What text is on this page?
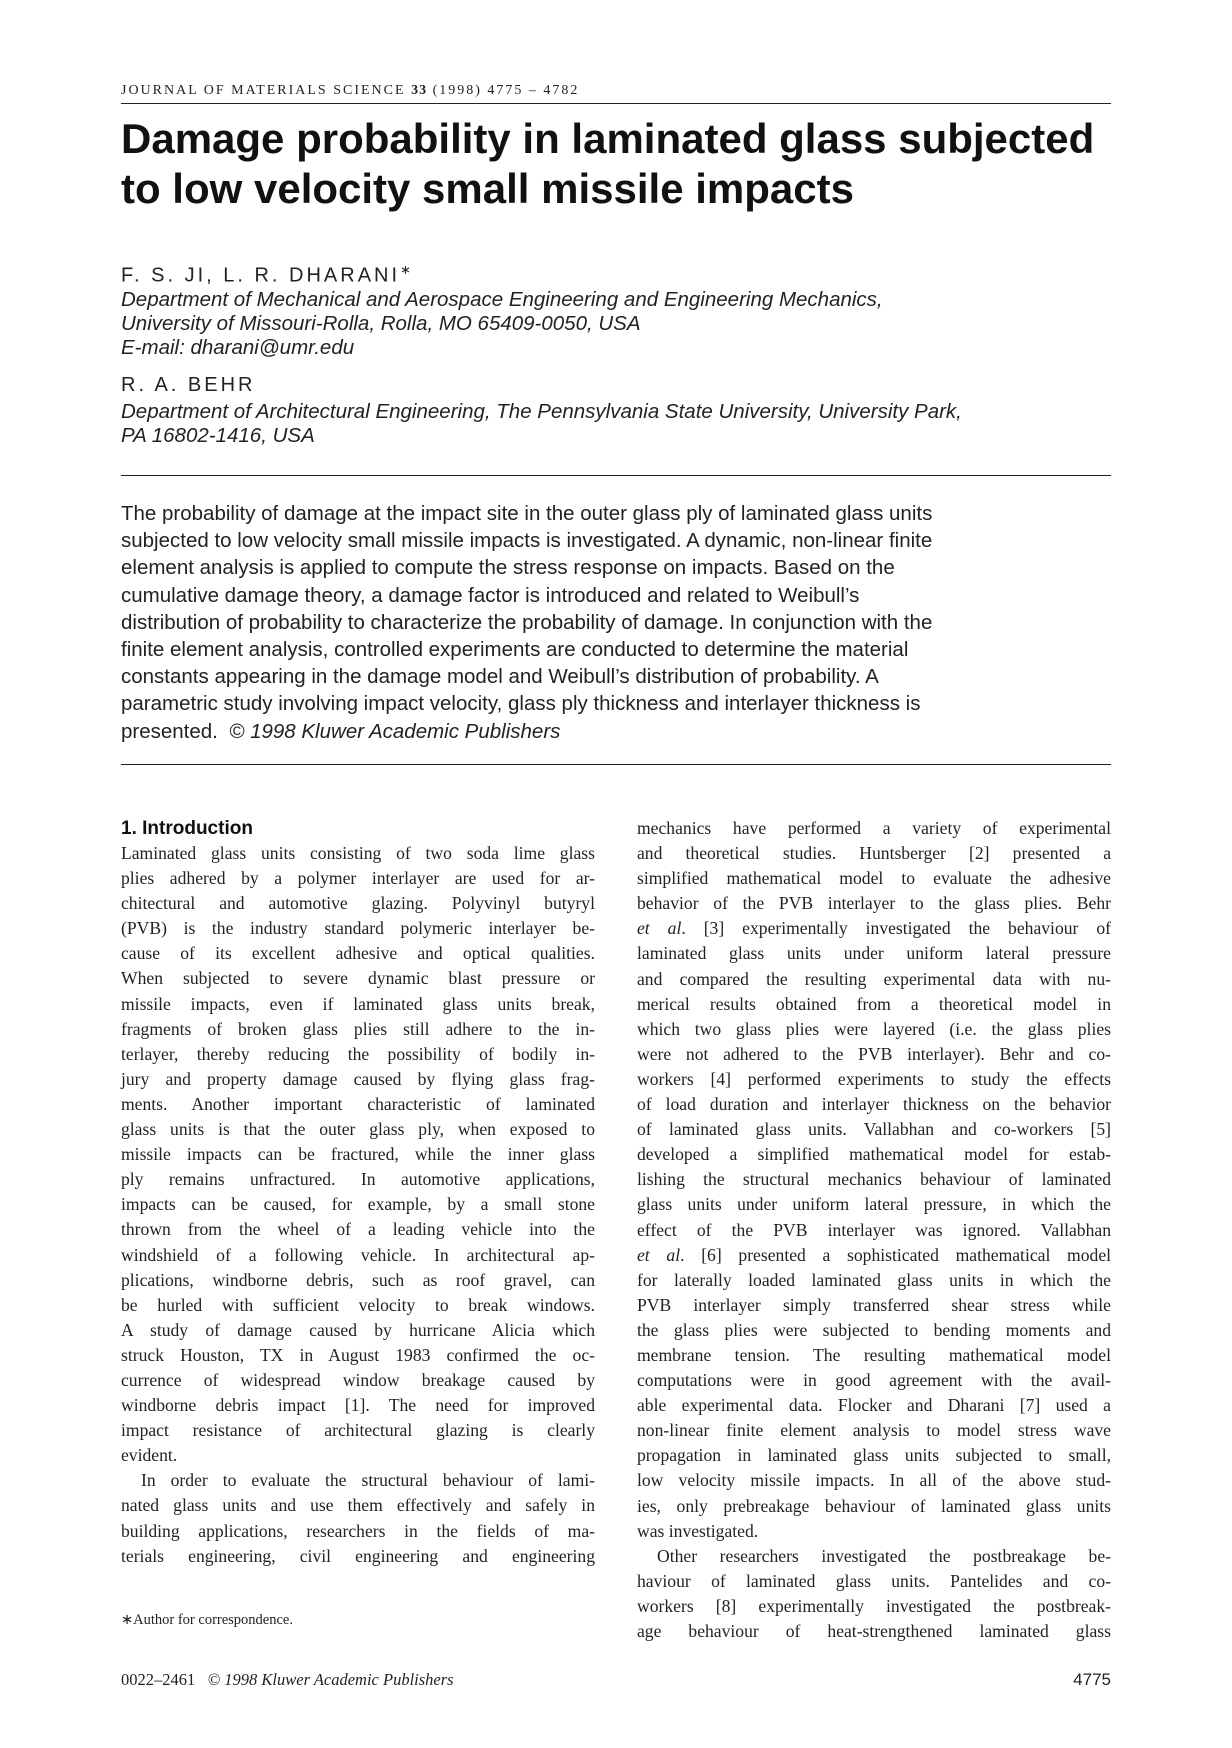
JOURNAL OF MATERIALS SCIENCE 33 (1998) 4775 – 4782
Damage probability in laminated glass subjected
to low velocity small missile impacts
F. S. JI, L. R. DHARANI∗
Department of Mechanical and Aerospace Engineering and Engineering Mechanics,
University of Missouri-Rolla, Rolla, MO 65409-0050, USA
E-mail: dharani@umr.edu
R. A. BEHR
Department of Architectural Engineering, The Pennsylvania State University, University Park,
PA 16802-1416, USA
The probability of damage at the impact site in the outer glass ply of laminated glass units
subjected to low velocity small missile impacts is investigated. A dynamic, non-linear finite
element analysis is applied to compute the stress response on impacts. Based on the
cumulative damage theory, a damage factor is introduced and related to Weibull’s
distribution of probability to characterize the probability of damage. In conjunction with the
finite element analysis, controlled experiments are conducted to determine the material
constants appearing in the damage model and Weibull’s distribution of probability. A
parametric study involving impact velocity, glass ply thickness and interlayer thickness is
presented. © 1998 Kluwer Academic Publishers
1. Introduction
Laminated glass units consisting of two soda lime glass
plies adhered by a polymer interlayer are used for ar-
chitectural and automotive glazing. Polyvinyl butyryl
(PVB) is the industry standard polymeric interlayer be-
cause of its excellent adhesive and optical qualities.
When subjected to severe dynamic blast pressure or
missile impacts, even if laminated glass units break,
fragments of broken glass plies still adhere to the in-
terlayer, thereby reducing the possibility of bodily in-
jury and property damage caused by flying glass frag-
ments. Another important characteristic of laminated
glass units is that the outer glass ply, when exposed to
missile impacts can be fractured, while the inner glass
ply remains unfractured. In automotive applications,
impacts can be caused, for example, by a small stone
thrown from the wheel of a leading vehicle into the
windshield of a following vehicle. In architectural ap-
plications, windborne debris, such as roof gravel, can
be hurled with sufficient velocity to break windows.
A study of damage caused by hurricane Alicia which
struck Houston, TX in August 1983 confirmed the oc-
currence of widespread window breakage caused by
windborne debris impact [1]. The need for improved
impact resistance of architectural glazing is clearly
evident.
In order to evaluate the structural behaviour of lami-
nated glass units and use them effectively and safely in
building applications, researchers in the fields of ma-
terials engineering, civil engineering and engineering
mechanics have performed a variety of experimental
and theoretical studies. Huntsberger [2] presented a
simplified mathematical model to evaluate the adhesive
behavior of the PVB interlayer to the glass plies. Behr
et al. [3] experimentally investigated the behaviour of
laminated glass units under uniform lateral pressure
and compared the resulting experimental data with nu-
merical results obtained from a theoretical model in
which two glass plies were layered (i.e. the glass plies
were not adhered to the PVB interlayer). Behr and co-
workers [4] performed experiments to study the effects
of load duration and interlayer thickness on the behavior
of laminated glass units. Vallabhan and co-workers [5]
developed a simplified mathematical model for estab-
lishing the structural mechanics behaviour of laminated
glass units under uniform lateral pressure, in which the
effect of the PVB interlayer was ignored. Vallabhan
et al. [6] presented a sophisticated mathematical model
for laterally loaded laminated glass units in which the
PVB interlayer simply transferred shear stress while
the glass plies were subjected to bending moments and
membrane tension. The resulting mathematical model
computations were in good agreement with the avail-
able experimental data. Flocker and Dharani [7] used a
non-linear finite element analysis to model stress wave
propagation in laminated glass units subjected to small,
low velocity missile impacts. In all of the above stud-
ies, only prebreakage behaviour of laminated glass units
was investigated.
Other researchers investigated the postbreakage be-
haviour of laminated glass units. Pantelides and co-
workers [8] experimentally investigated the postbreak-
age behaviour of heat-strengthened laminated glass
∗Author for correspondence.
0022–2461 © 1998 Kluwer Academic Publishers	4775
